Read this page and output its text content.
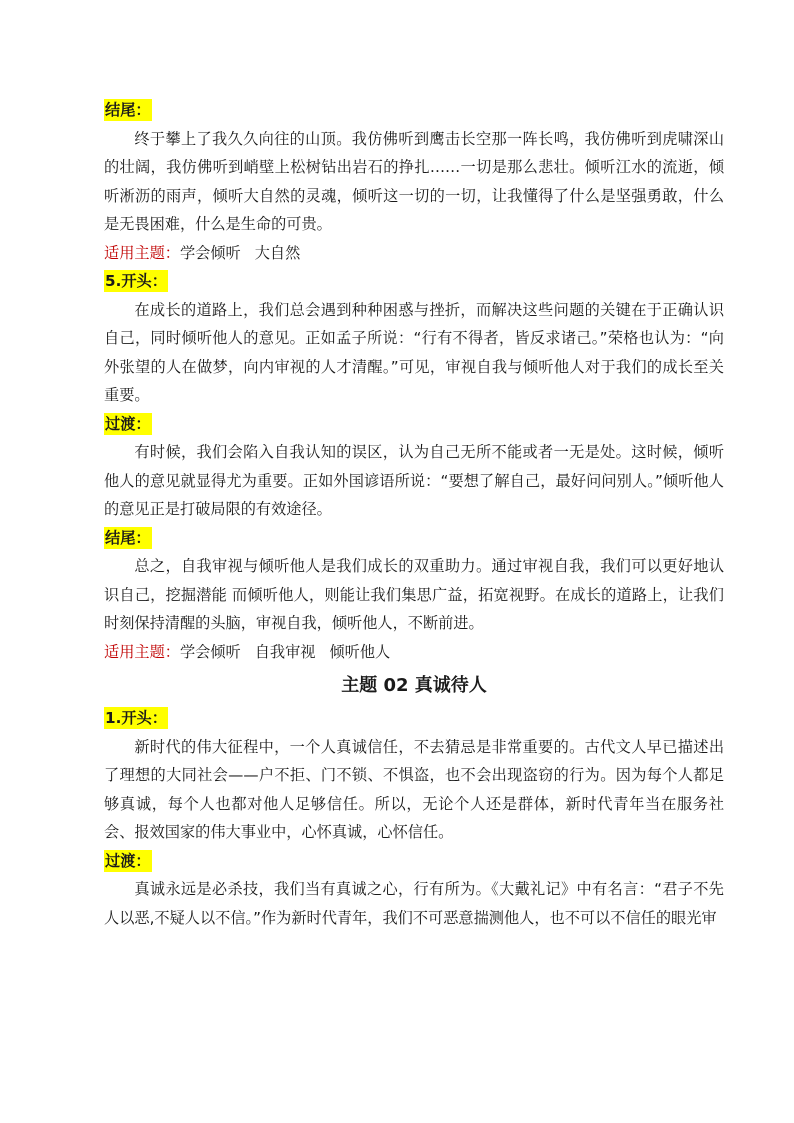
结尾：

终于攀上了我久久向往的山顶。我仿佛听到鹰击长空那一阵长鸣，我仿佛听到虎啸深山的壮阔，我仿佛听到峭壁上松树钻出岩石的挣扎……一切是那么悲壮。倾听江水的流逝，倾听淅沥的雨声，倾听大自然的灵魂，倾听这一切的一切，让我懂得了什么是坚强勇敢，什么是无畏困难，什么是生命的可贵。

适用主题：学会倾听 大自然

5.开头：

在成长的道路上，我们总会遇到种种困惑与挫折，而解决这些问题的关键在于正确认识自己，同时倾听他人的意见。正如孟子所说：“行有不得者，皆反求诸己。”荣格也认为：“向外张望的人在做梦，向内审视的人才清醒。”可见，审视自我与倾听他人对于我们的成长至关重要。

过渡：

有时候，我们会陷入自我认知的误区，认为自己无所不能或者一无是处。这时候，倾听他人的意见就显得尤为重要。正如外国谚语所说：“要想了解自己，最好问问别人。”倾听他人的意见正是打破局限的有效途径。

结尾：

总之，自我审视与倾听他人是我们成长的双重助力。通过审视自我，我们可以更好地认识自己，挖掘潜能 而倾听他人，则能让我们集思广益，拓宽视野。在成长的道路上，让我们时刻保持清醒的头脑，审视自我，倾听他人，不断前进。

适用主题：学会倾听 自我审视 倾听他人

主题 02 真诚待人
1.开头：

新时代的伟大征程中，一个人真诚信任，不去猜忌是非常重要的。古代文人早已描述出了理想的大同社会——户不拒、门不锁、不惧盗，也不会出现盗窃的行为。因为每个人都足够真诚，每个人也都对他人足够信任。所以，无论个人还是群体，新时代青年当在服务社会、报效国家的伟大事业中，心怀真诚，心怀信任。

过渡：

真诚永远是必杀技，我们当有真诚之心，行有所为。《大戴礼记》中有名言：“君子不先人以恶,不疑人以不信。”作为新时代青年，我们不可恶意揣测他人，也不可以不信任的眼光审
